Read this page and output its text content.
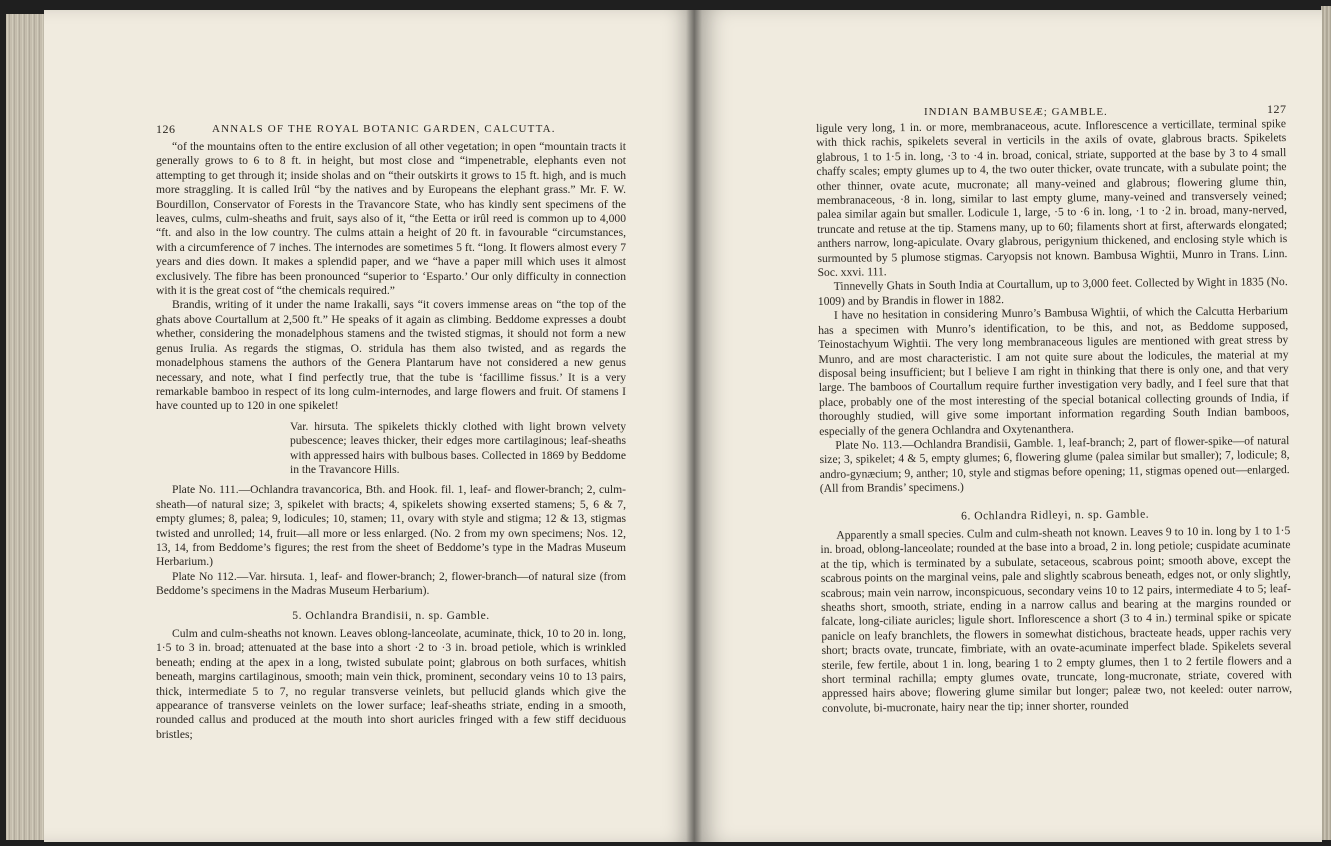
126	ANNALS OF THE ROYAL BOTANIC GARDEN, CALCUTTA.

“of the mountains often to the entire exclusion of all other vegetation; in open “mountain tracts it generally grows to 6 to 8 ft. in height, but most close and “impenetrable, elephants even not attempting to get through it; inside sholas and on “their outskirts it grows to 15 ft. high, and is much more straggling. It is called Irûl “by the natives and by Europeans the elephant grass.” Mr. F. W. Bourdillon, Conservator of Forests in the Travancore State, who has kindly sent specimens of the leaves, culms, culm-sheaths and fruit, says also of it, “the Eetta or irûl reed is common up to 4,000 “ft. and also in the low country. The culms attain a height of 20 ft. in favourable “circumstances, with a circumference of 7 inches. The internodes are sometimes 5 ft. “long. It flowers almost every 7 years and dies down. It makes a splendid paper, and we “have a paper mill which uses it almost exclusively. The fibre has been pronounced “superior to ‘Esparto.’ Our only difficulty in connection with it is the great cost of “the chemicals required.”

Brandis, writing of it under the name Irakalli, says “it covers immense areas on “the top of the ghats above Courtallum at 2,500 ft.” He speaks of it again as climbing. Beddome expresses a doubt whether, considering the monadelphous stamens and the twisted stigmas, it should not form a new genus Irulia. As regards the stigmas, O. stridula has them also twisted, and as regards the monadelphous stamens the authors of the Genera Plantarum have not considered a new genus necessary, and note, what I find perfectly true, that the tube is ‘facillime fissus.’ It is a very remarkable bamboo in respect of its long culm-internodes, and large flowers and fruit. Of stamens I have counted up to 120 in one spikelet!

Var. hirsuta. The spikelets thickly clothed with light brown velvety pubescence; leaves thicker, their edges more cartilaginous; leaf-sheaths with appressed hairs with bulbous bases. Collected in 1869 by Beddome in the Travancore Hills.

Plate No. 111.—Ochlandra travancorica, Bth. and Hook. fil. 1, leaf- and flower-branch; 2, culm-sheath—of natural size; 3, spikelet with bracts; 4, spikelets showing exserted stamens; 5, 6 & 7, empty glumes; 8, palea; 9, lodicules; 10, stamen; 11, ovary with style and stigma; 12 & 13, stigmas twisted and unrolled; 14, fruit—all more or less enlarged. (No. 2 from my own specimens; Nos. 12, 13, 14, from Beddome’s figures; the rest from the sheet of Beddome’s type in the Madras Museum Herbarium.)

Plate No 112.—Var. hirsuta. 1, leaf- and flower-branch; 2, flower-branch—of natural size (from Beddome’s specimens in the Madras Museum Herbarium).

5. Ochlandra Brandisii, n. sp. Gamble.

Culm and culm-sheaths not known. Leaves oblong-lanceolate, acuminate, thick, 10 to 20 in. long, 1·5 to 3 in. broad; attenuated at the base into a short ·2 to ·3 in. broad petiole, which is wrinkled beneath; ending at the apex in a long, twisted subulate point; glabrous on both surfaces, whitish beneath, margins cartilaginous, smooth; main vein thick, prominent, secondary veins 10 to 13 pairs, thick, intermediate 5 to 7, no regular transverse veinlets, but pellucid glands which give the appearance of transverse veinlets on the lower surface; leaf-sheaths striate, ending in a smooth, rounded callus and produced at the mouth into short auricles fringed with a few stiff deciduous bristles;

INDIAN BAMBUSEÆ; GAMBLE.	127

ligule very long, 1 in. or more, membranaceous, acute. Inflorescence a verticillate, terminal spike with thick rachis, spikelets several in verticils in the axils of ovate, glabrous bracts. Spikelets glabrous, 1 to 1·5 in. long, ·3 to ·4 in. broad, conical, striate, supported at the base by 3 to 4 small chaffy scales; empty glumes up to 4, the two outer thicker, ovate truncate, with a subulate point; the other thinner, ovate acute, mucronate; all many-veined and glabrous; flowering glume thin, membranaceous, ·8 in. long, similar to last empty glume, many-veined and transversely veined; palea similar again but smaller. Lodicule 1, large, ·5 to ·6 in. long, ·1 to ·2 in. broad, many-nerved, truncate and retuse at the tip. Stamens many, up to 60; filaments short at first, afterwards elongated; anthers narrow, long-apiculate. Ovary glabrous, perigynium thickened, and enclosing style which is surmounted by 5 plumose stigmas. Caryopsis not known. Bambusa Wightii, Munro in Trans. Linn. Soc. xxvi. 111.

Tinnevelly Ghats in South India at Courtallum, up to 3,000 feet. Collected by Wight in 1835 (No. 1009) and by Brandis in flower in 1882.

I have no hesitation in considering Munro’s Bambusa Wightii, of which the Calcutta Herbarium has a specimen with Munro’s identification, to be this, and not, as Beddome supposed, Teinostachyum Wightii. The very long membranaceous ligules are mentioned with great stress by Munro, and are most characteristic. I am not quite sure about the lodicules, the material at my disposal being insufficient; but I believe I am right in thinking that there is only one, and that very large. The bamboos of Courtallum require further investigation very badly, and I feel sure that that place, probably one of the most interesting of the special botanical collecting grounds of India, if thoroughly studied, will give some important information regarding South Indian bamboos, especially of the genera Ochlandra and Oxytenanthera.

Plate No. 113.—Ochlandra Brandisii, Gamble. 1, leaf-branch; 2, part of flower-spike—of natural size; 3, spikelet; 4 & 5, empty glumes; 6, flowering glume (palea similar but smaller); 7, lodicule; 8, andro-gynæcium; 9, anther; 10, style and stigmas before opening; 11, stigmas opened out—enlarged. (All from Brandis’ specimens.)

6. Ochlandra Ridleyi, n. sp. Gamble.

Apparently a small species. Culm and culm-sheath not known. Leaves 9 to 10 in. long by 1 to 1·5 in. broad, oblong-lanceolate; rounded at the base into a broad, 2 in. long petiole; cuspidate acuminate at the tip, which is terminated by a subulate, setaceous, scabrous point; smooth above, except the scabrous points on the marginal veins, pale and slightly scabrous beneath, edges not, or only slightly, scabrous; main vein narrow, inconspicuous, secondary veins 10 to 12 pairs, intermediate 4 to 5; leaf-sheaths short, smooth, striate, ending in a narrow callus and bearing at the margins rounded or falcate, long-ciliate auricles; ligule short. Inflorescence a short (3 to 4 in.) terminal spike or spicate panicle on leafy branchlets, the flowers in somewhat distichous, bracteate heads, upper rachis very short; bracts ovate, truncate, fimbriate, with an ovate-acuminate imperfect blade. Spikelets several sterile, few fertile, about 1 in. long, bearing 1 to 2 empty glumes, then 1 to 2 fertile flowers and a short terminal rachilla; empty glumes ovate, truncate, long-mucronate, striate, covered with appressed hairs above; flowering glume similar but longer; paleæ two, not keeled: outer narrow, convolute, bi-mucronate, hairy near the tip; inner shorter, rounded
